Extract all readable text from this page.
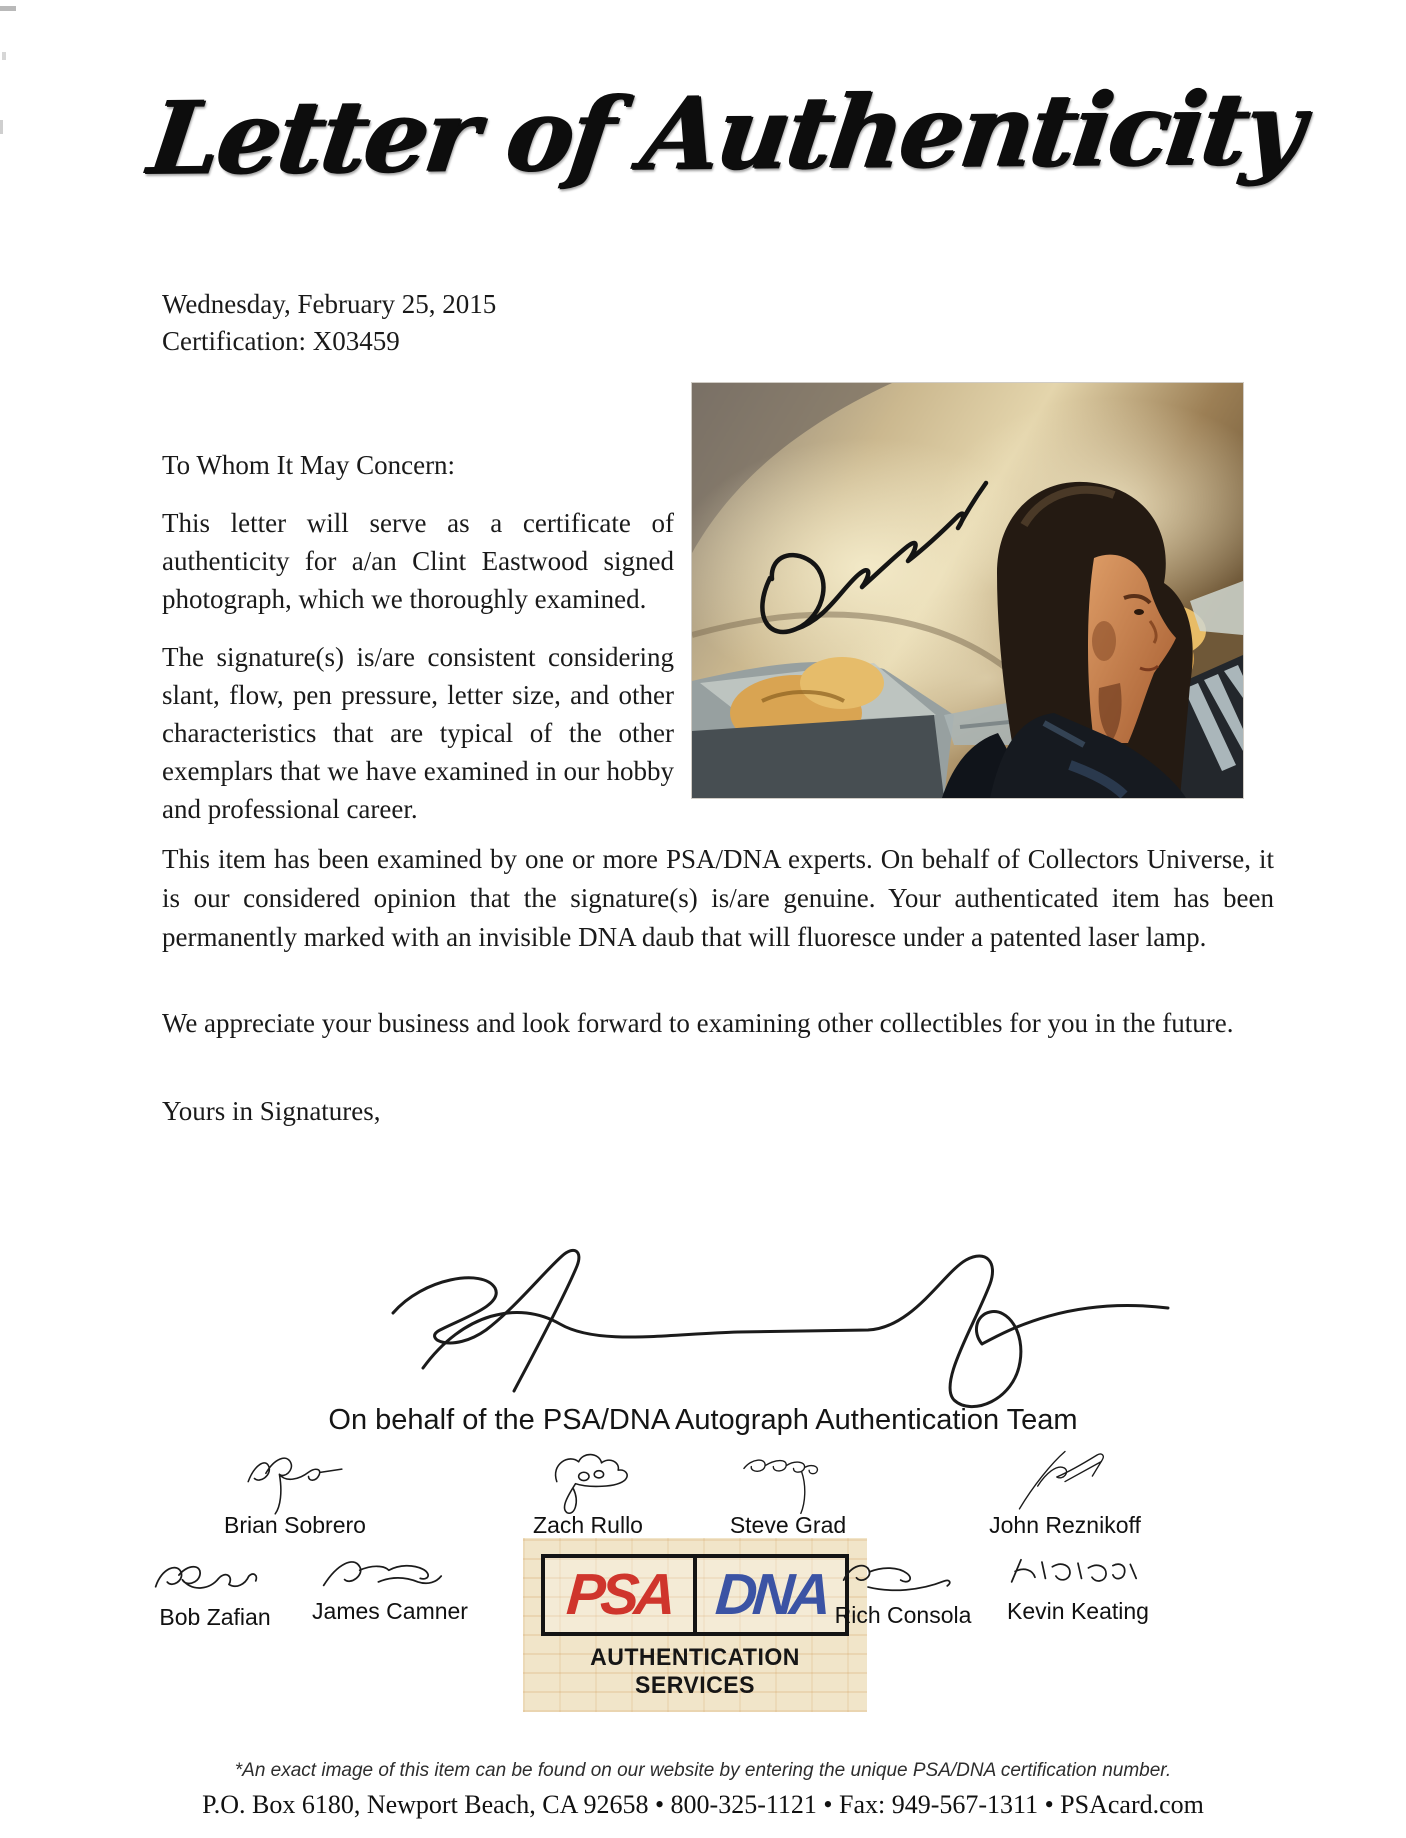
Letter of Authenticity
Wednesday, February 25, 2015
Certification: X03459

To Whom It May Concern:

This letter will serve as a certificate of authenticity for a/an Clint Eastwood signed photograph, which we thoroughly examined.

The signature(s) is/are consistent considering slant, flow, pen pressure, letter size, and other characteristics that are typical of the other exemplars that we have examined in our hobby and professional career.

This item has been examined by one or more PSA/DNA experts. On behalf of Collectors Universe, it is our considered opinion that the signature(s) is/are genuine. Your authenticated item has been permanently marked with an invisible DNA daub that will fluoresce under a patented laser lamp.
We appreciate your business and look forward to examining other collectibles for you in the future.
Yours in Signatures,
On behalf of the PSA/DNA Autograph Authentication Team
Brian Sobrero	Zach Rullo	Steve Grad	John Reznikoff
PSA DNA
AUTHENTICATION SERVICES
Bob Zafian	James Camner	Rich Consola	Kevin Keating
*An exact image of this item can be found on our website by entering the unique PSA/DNA certification number.
P.O. Box 6180, Newport Beach, CA 92658 • 800-325-1121 • Fax: 949-567-1311 • PSAcard.com
